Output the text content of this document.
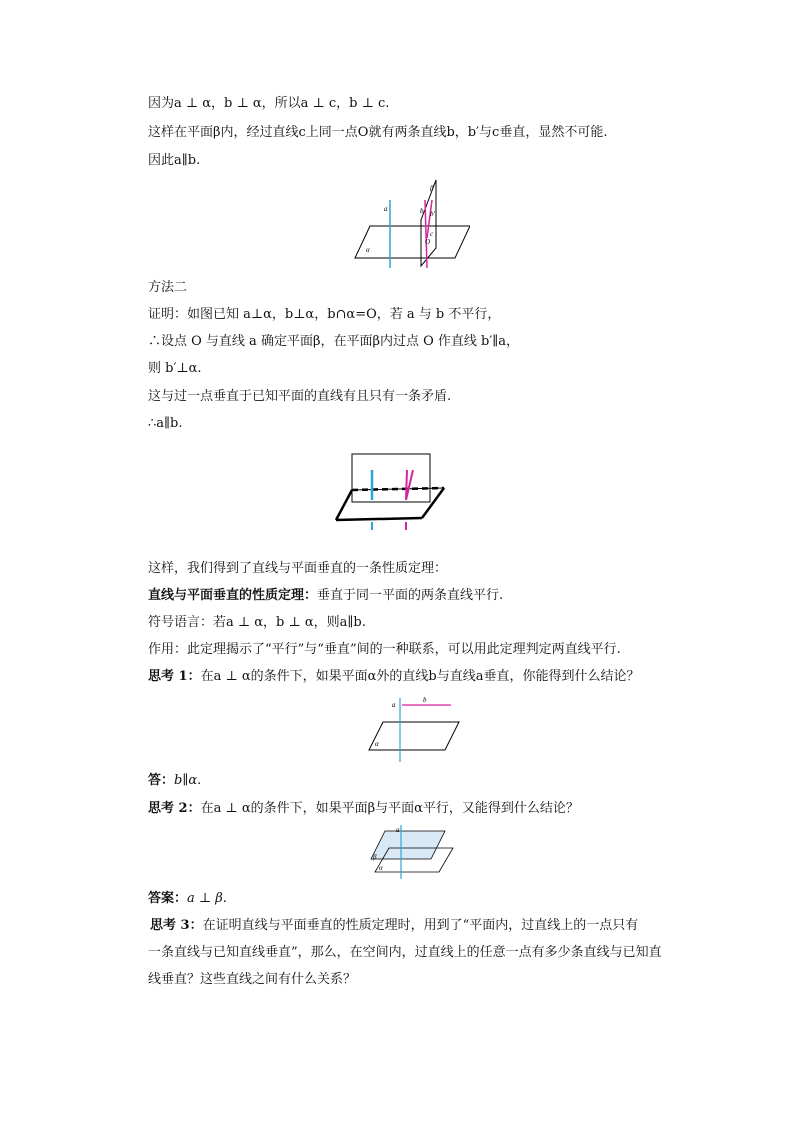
因为a ⊥ α，b ⊥ α，所以a ⊥ c，b ⊥ c.
这样在平面β内，经过直线c上同一点O就有两条直线b，b′与c垂直，显然不可能.
因此a∥b.
a	b b′
β
c
O
α
方法二
证明：如图已知 a⊥α，b⊥α，b∩α=O，若 a 与 b 不平行，
∴设点 O 与直线 a 确定平面β，在平面β内过点 O 作直线 b′∥a，
则 b′⊥α.
这与过一点垂直于已知平面的直线有且只有一条矛盾.
∴a∥b.
这样，我们得到了直线与平面垂直的一条性质定理：
直线与平面垂直的性质定理：垂直于同一平面的两条直线平行.
符号语言：若a ⊥ α，b ⊥ α，则a∥b.
作用：此定理揭示了“平行”与“垂直”间的一种联系，可以用此定理判定两直线平行.
思考 1：在a ⊥ α的条件下，如果平面α外的直线b与直线a垂直，你能得到什么结论？
a
b
α
答：b∥α.
思考 2：在a ⊥ α的条件下，如果平面β与平面α平行，又能得到什么结论？
a
β
α
答案：a ⊥ β.
思考 3：在证明直线与平面垂直的性质定理时，用到了“平面内，过直线上的一点只有
一条直线与已知直线垂直”，那么，在空间内，过直线上的任意一点有多少条直线与已知直
线垂直？这些直线之间有什么关系？
